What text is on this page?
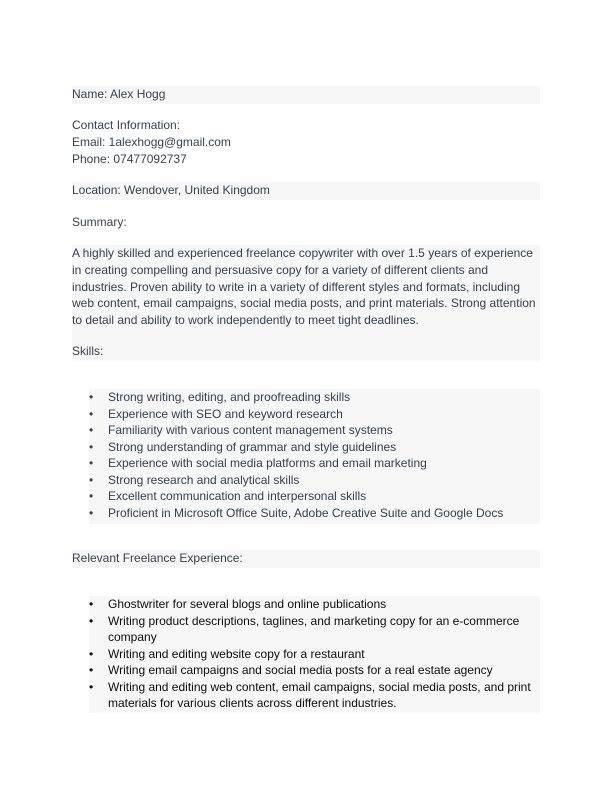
Name: Alex Hogg
Contact Information:
Email: 1alexhogg@gmail.com
Phone: 07477092737
Location: Wendover, United Kingdom
Summary:
A highly skilled and experienced freelance copywriter with over 1.5 years of experience in creating compelling and persuasive copy for a variety of different clients and industries. Proven ability to write in a variety of different styles and formats, including web content, email campaigns, social media posts, and print materials. Strong attention to detail and ability to work independently to meet tight deadlines.
Skills:
•	Strong writing, editing, and proofreading skills
•	Experience with SEO and keyword research
•	Familiarity with various content management systems
•	Strong understanding of grammar and style guidelines
•	Experience with social media platforms and email marketing
•	Strong research and analytical skills
•	Excellent communication and interpersonal skills
•	Proficient in Microsoft Office Suite, Adobe Creative Suite and Google Docs
Relevant Freelance Experience:
•	Ghostwriter for several blogs and online publications
•	Writing product descriptions, taglines, and marketing copy for an e-commerce company
•	Writing and editing website copy for a restaurant
•	Writing email campaigns and social media posts for a real estate agency
•	Writing and editing web content, email campaigns, social media posts, and print materials for various clients across different industries.
